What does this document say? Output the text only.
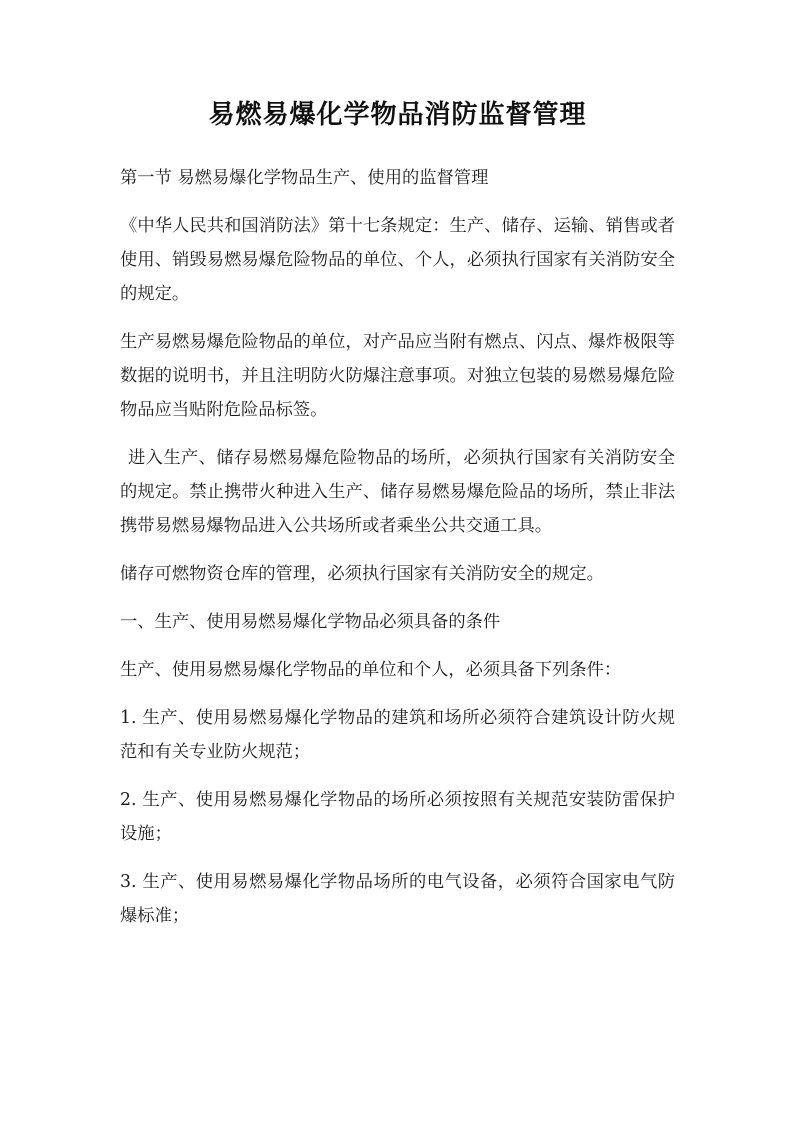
易燃易爆化学物品消防监督管理

第一节 易燃易爆化学物品生产、使用的监督管理

《中华人民共和国消防法》第十七条规定：生产、储存、运输、销售或者使用、销毁易燃易爆危险物品的单位、个人，必须执行国家有关消防安全的规定。

生产易燃易爆危险物品的单位，对产品应当附有燃点、闪点、爆炸极限等数据的说明书，并且注明防火防爆注意事项。对独立包装的易燃易爆危险物品应当贴附危险品标签。

进入生产、储存易燃易爆危险物品的场所，必须执行国家有关消防安全的规定。禁止携带火种进入生产、储存易燃易爆危险品的场所，禁止非法携带易燃易爆物品进入公共场所或者乘坐公共交通工具。

储存可燃物资仓库的管理，必须执行国家有关消防安全的规定。

一、生产、使用易燃易爆化学物品必须具备的条件

生产、使用易燃易爆化学物品的单位和个人，必须具备下列条件：

1. 生产、使用易燃易爆化学物品的建筑和场所必须符合建筑设计防火规范和有关专业防火规范；

2. 生产、使用易燃易爆化学物品的场所必须按照有关规范安装防雷保护设施；

3. 生产、使用易燃易爆化学物品场所的电气设备，必须符合国家电气防爆标准；
